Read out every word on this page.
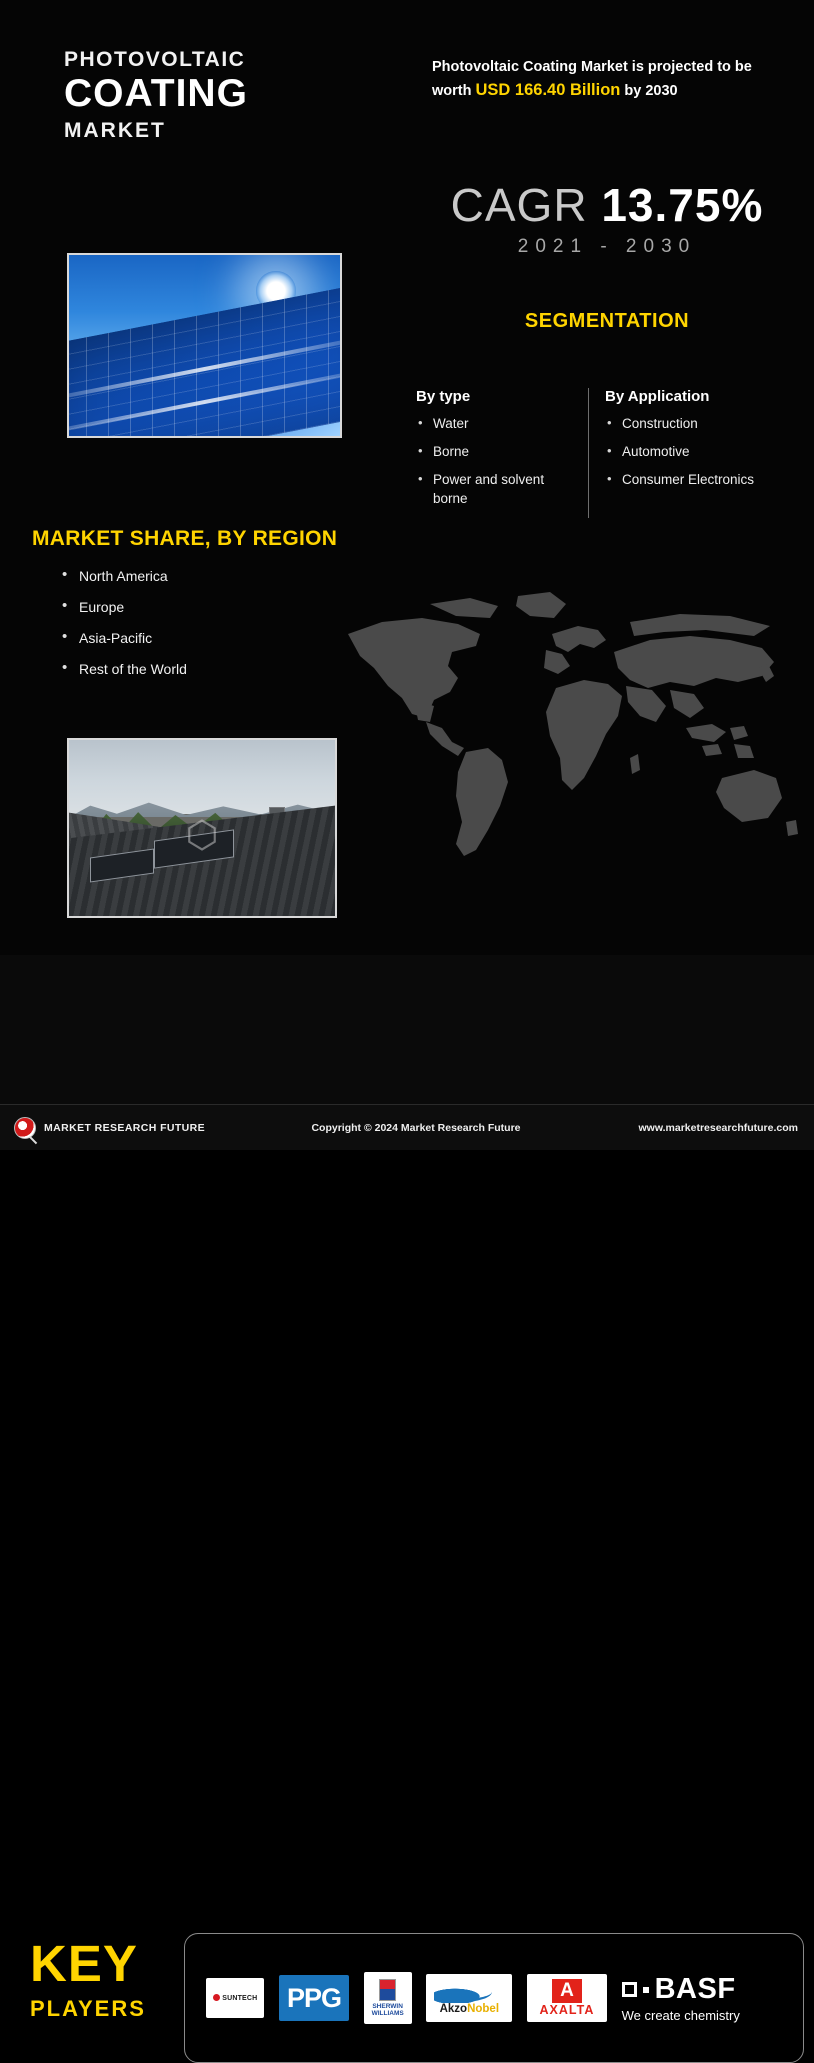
PHOTOVOLTAIC
COATING
MARKET
Photovoltaic Coating Market is projected to be worth USD 166.40 Billion by 2030
CAGR 13.75%
2021 - 2030
SEGMENTATION
By type
• Water
• Borne
• Power and solvent borne
By Application
• Construction
• Automotive
• Consumer Electronics
MARKET SHARE, BY REGION
• North America
• Europe
• Asia-Pacific
• Rest of the World
KEY
PLAYERS	SUNTECH PPG	SHERWIN WILLIAMS	AkzoNobel
A
AXALTA
BASF
We create chemistry
MARKET RESEARCH FUTURE	Copyright © 2024 Market Research Future	www.marketresearchfuture.com
